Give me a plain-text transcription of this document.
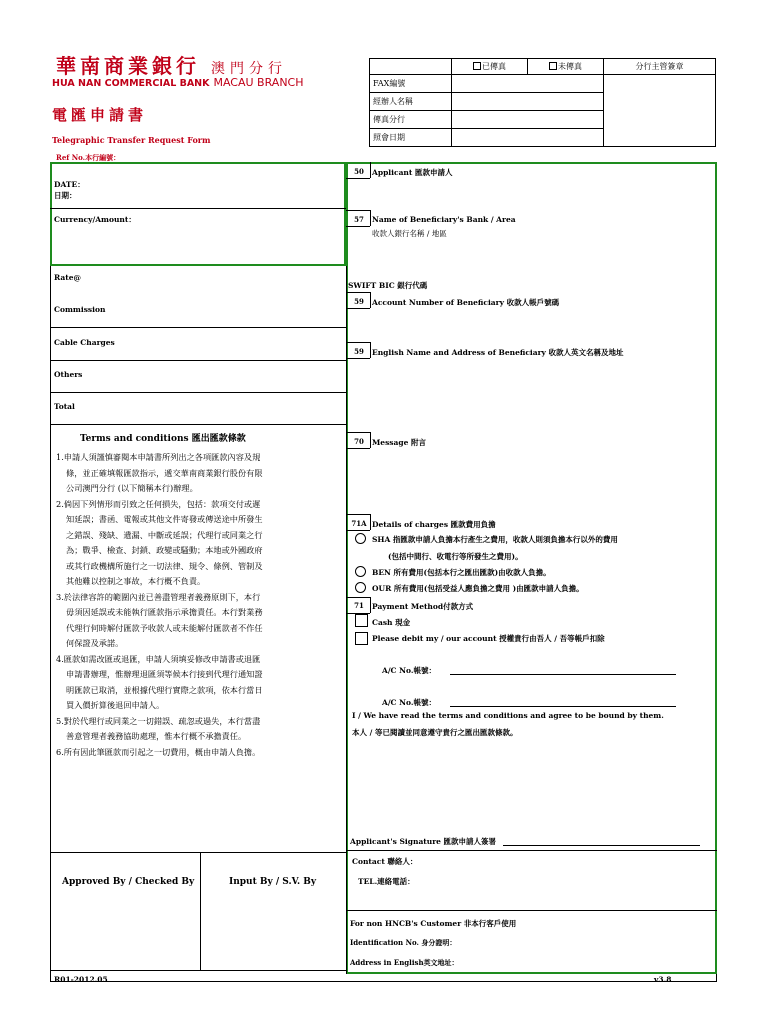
華南商業銀行 澳門分行
HUA NAN COMMERCIAL BANK MACAU BRANCH
電匯申請書
Telegraphic Transfer Request Form
Ref No.本行編號：
	已傳真	未傳真	分行主管簽章
FAX編號			
經辦人名稱			
傳真分行			
照會日期			
DATE：
日期：
Currency/Amount：
Rate@
Commission
Cable Charges
Others
Total
Terms and conditions 匯出匯款條款

1.申請人須謹慎審閱本申請書所列出之各項匯款內容及規

條，並正確填報匯款指示，遞交華南商業銀行股份有限

公司澳門分行 (以下簡稱本行)辦理。

2.倘因下列情形而引致之任何損失，包括：款項交付或遲

知延誤；書函、電報或其他文件寄發或傳送途中所發生

之錯誤、殘缺、遺漏、中斷或延誤；代理行或同業之行

為；戰爭、檢查、封鎖、政變或騷動；本地或外國政府

或其行政機構所施行之一切法律、規令、條例、管制及

其他難以控制之事故，本行概不負責。

3.於法律容許的範圍內並已善盡管理者義務原則下，本行

毋須因延誤或未能執行匯款指示承擔責任。本行對業務

代理行何時解付匯款予收款人或未能解付匯款者不作任

何保證及承諾。

4.匯款如需改匯或退匯，申請人須填妥修改申請書或退匯

申請書辦理，惟辦理退匯須等候本行接到代理行通知證

明匯款已取消，並根據代理行實際之款項，依本行當日

買入價折算後退回申請人。

5.對於代理行或同業之一切錯誤、疏忽或過失，本行當盡

善意管理者義務協助處理，惟本行概不承擔責任。

6.所有因此筆匯款而引起之一切費用，概由申請人負擔。

Approved By / Checked By	Input By / S.V. By
R01-2012.05	v3.8
50	Applicant 匯款申請人
57	Name of Beneficiary's Bank / Area
收款人銀行名稱 / 地區
SWIFT BIC 銀行代碼
59	Account Number of Beneficiary 收款人帳戶號碼
59	English Name and Address of Beneficiary 收款人英文名稱及地址
70	Message 附言
71A Details of charges 匯款費用負擔
SHA 指匯款申請人負擔本行產生之費用，收款人則須負擔本行以外的費用
(包括中間行、收電行等所發生之費用)。
BEN 所有費用(包括本行之匯出匯款)由收款人負擔。
OUR 所有費用(包括受益人應負擔之費用 )由匯款申請人負擔。
71	Payment Method付款方式
Cash 現金
Please debit my / our account 授權貴行由吾人 / 吾等帳戶扣除
A/C No.帳號：
A/C No.帳號：
I / We have read the terms and conditions and agree to be bound by them.
本人 / 等已閱讀並同意遵守貴行之匯出匯款條款。
Applicant's Signature 匯款申請人簽署
Contact 聯絡人：
TEL.連絡電話：
For non HNCB's Customer 非本行客戶使用
Identification No. 身分證明：
Address in English英文地址：
